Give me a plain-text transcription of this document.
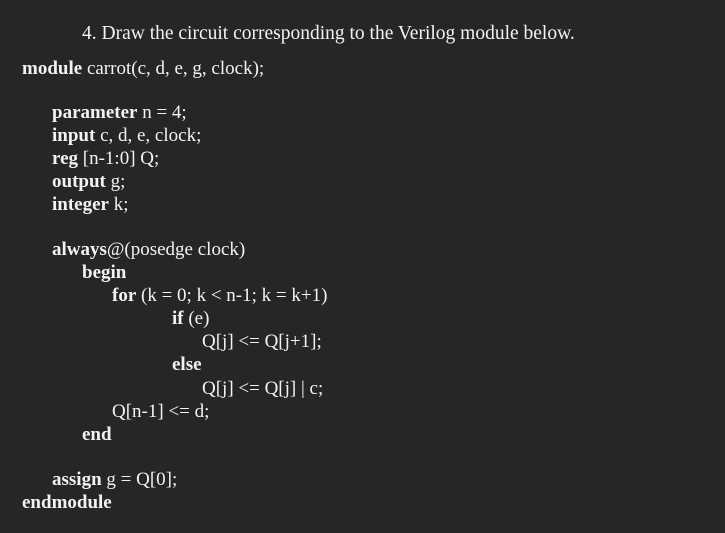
4. Draw the circuit corresponding to the Verilog module below.
module carrot(c, d, e, g, clock);
parameter n = 4;
input c, d, e, clock;
reg [n-1:0] Q;
output g;
integer k;
always@(posedge clock)
begin
for (k = 0; k < n-1; k = k+1)
if (e)
Q[j] <= Q[j+1];
else
Q[j] <= Q[j] | c;
Q[n-1] <= d;
end
assign g = Q[0];
endmodule
